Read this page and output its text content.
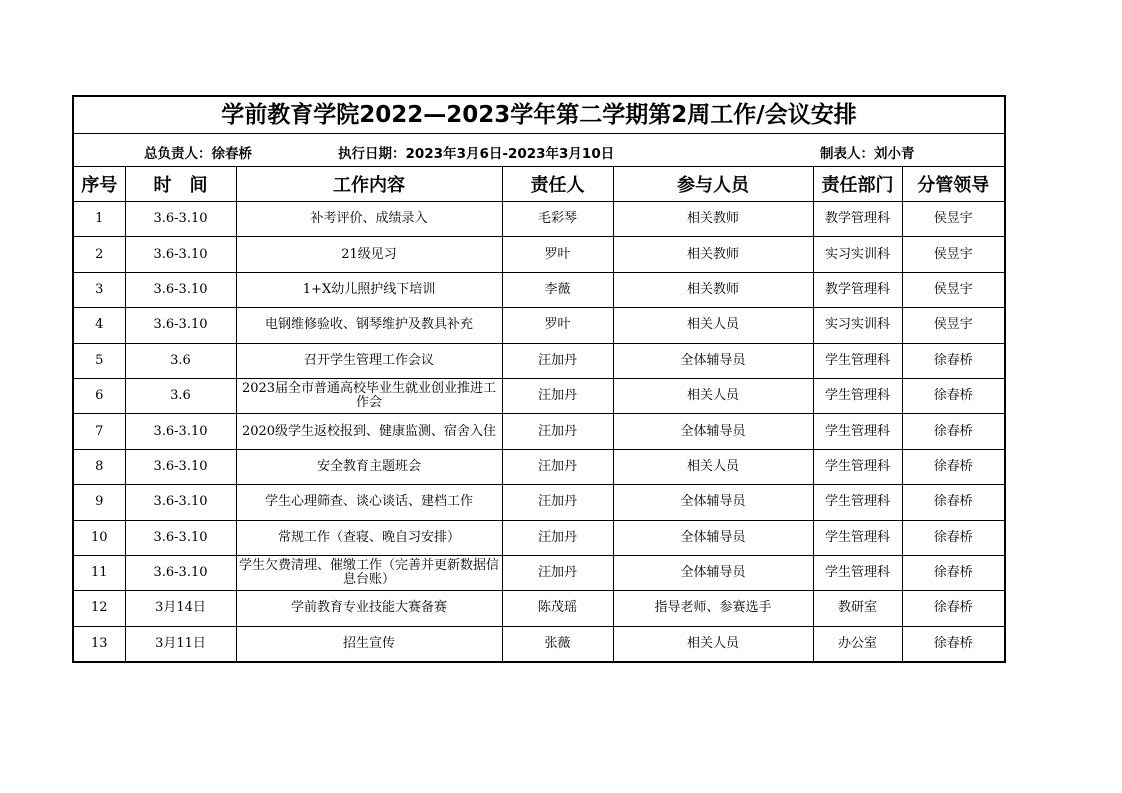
学前教育学院2022—2023学年第二学期第2周工作/会议安排
总负责人：徐春桥	执行日期：2023年3月6日-2023年3月10日	制表人：刘小青
序号	时　间	工作内容	责任人	参与人员	责任部门	分管领导
1	3.6-3.10	补考评价、成绩录入	毛彩琴	相关教师	教学管理科	侯昱宇
2	3.6-3.10	21级见习	罗叶	相关教师	实习实训科	侯昱宇
3	3.6-3.10	1+X幼儿照护线下培训	李薇	相关教师	教学管理科	侯昱宇
4	3.6-3.10	电钢维修验收、钢琴维护及教具补充	罗叶	相关人员	实习实训科	侯昱宇
5	3.6	召开学生管理工作会议	汪加丹	全体辅导员	学生管理科	徐春桥
6	3.6	2023届全市普通高校毕业生就业创业推进工作会	汪加丹	相关人员	学生管理科	徐春桥
7	3.6-3.10	2020级学生返校报到、健康监测、宿舍入住	汪加丹	全体辅导员	学生管理科	徐春桥
8	3.6-3.10	安全教育主题班会	汪加丹	相关人员	学生管理科	徐春桥
9	3.6-3.10	学生心理筛查、谈心谈话、建档工作	汪加丹	全体辅导员	学生管理科	徐春桥
10	3.6-3.10	常规工作（查寝、晚自习安排）	汪加丹	全体辅导员	学生管理科	徐春桥
11	3.6-3.10	学生欠费清理、催缴工作（完善并更新数据信息台账）	汪加丹	全体辅导员	学生管理科	徐春桥
12	3月14日	学前教育专业技能大赛备赛	陈茂瑶	指导老师、参赛选手	教研室	徐春桥
13	3月11日	招生宣传	张薇	相关人员	办公室	徐春桥
